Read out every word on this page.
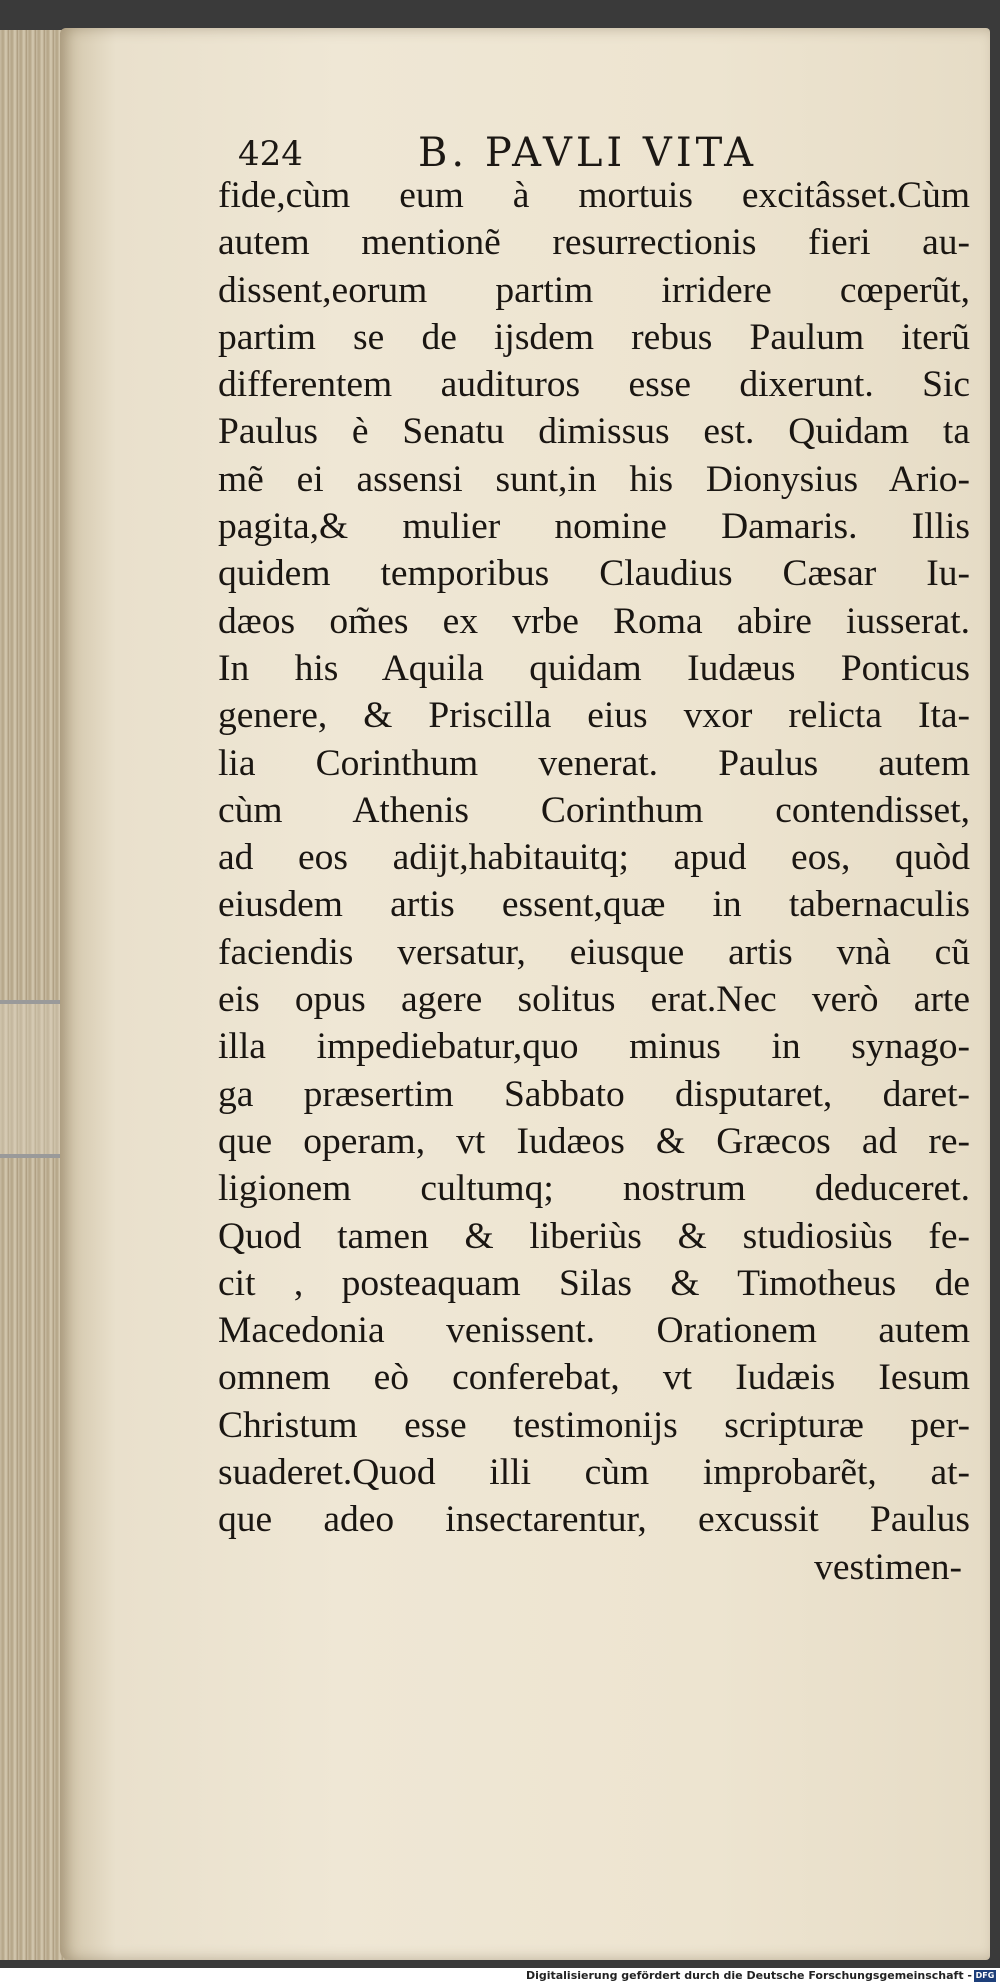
424	B. PAVLI VITA
fide,cùm eum à mortuis excitâsset.Cùm
autem mentionẽ resurrectionis fieri au-
dissent,eorum partim irridere cœperũt,
partim se de ijsdem rebus Paulum iterũ
differentem audituros esse dixerunt. Sic
Paulus è Senatu dimissus est. Quidam ta
mẽ ei assensi sunt,in his Dionysius Ario-
pagita,& mulier nomine Damaris. Illis
quidem temporibus Claudius Cæsar Iu-
dæos om̃es ex vrbe Roma abire iusserat.
In his Aquila quidam Iudæus Ponticus
genere, & Priscilla eius vxor relicta Ita-
lia Corinthum venerat. Paulus autem
cùm Athenis Corinthum contendisset,
ad eos adijt,habitauitq; apud eos, quòd
eiusdem artis essent,quæ in tabernaculis
faciendis versatur, eiusque artis vnà cũ
eis opus agere solitus erat.Nec verò arte
illa impediebatur,quo minus in synago-
ga præsertim Sabbato disputaret, daret-
que operam, vt Iudæos & Græcos ad re-
ligionem cultumq; nostrum deduceret.
Quod tamen & liberiùs & studiosiùs fe-
cit , posteaquam Silas & Timotheus de
Macedonia venissent. Orationem autem
omnem eò conferebat, vt Iudæis Iesum
Christum esse testimonijs scripturæ per-
suaderet.Quod illi cùm improbarẽt, at-
que adeo insectarentur, excussit Paulus
vestimen-
Digitalisierung gefördert durch die Deutsche Forschungsgemeinschaft - DFG
